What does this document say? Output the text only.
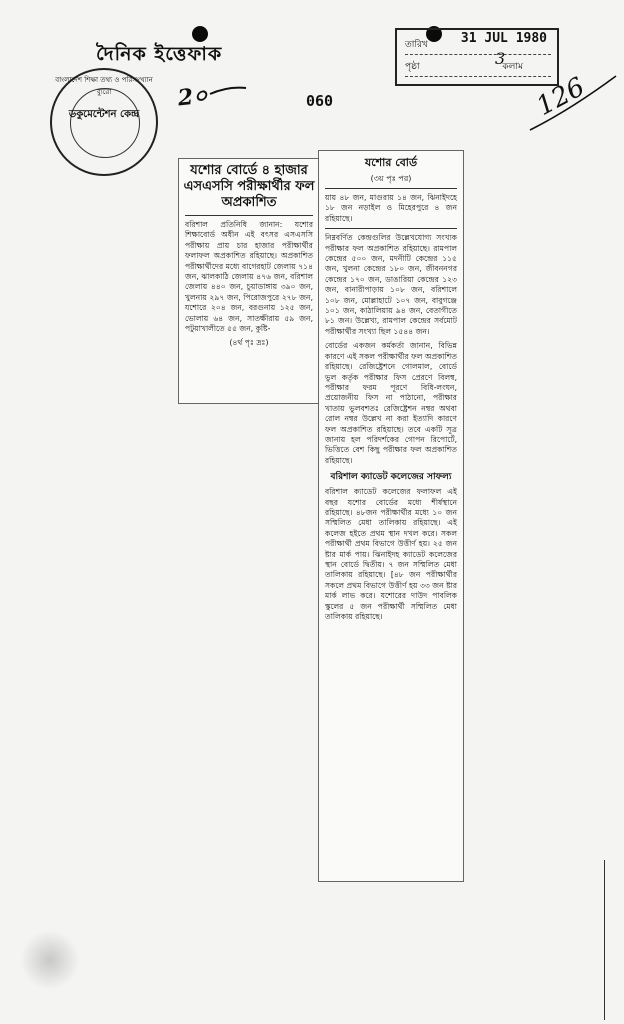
দৈনিক ইত্তেফাক
2০	060	126
তারিখ	31 JUL 1980
পৃষ্ঠা	3
কলাম
বাংলাদেশ শিক্ষা তথ্য ও পরিসংখ্যান ব্যুরো
ডকুমেন্টেশন কেন্দ্র
যশোর বোর্ডে ৪ হাজার এসএসসি পরীক্ষার্থীর ফল অপ্রকাশিত
বরিশাল প্রতিনিধি জানান: যশোর শিক্ষাবোর্ড অধীন এই বৎসর এসএসসি পরীক্ষায় প্রায় চার হাজার পরীক্ষার্থীর ফলাফল অপ্রকাশিত রহিয়াছে। অপ্রকাশিত পরীক্ষার্থীদের মধ্যে বাগেরহাট জেলায় ৭১৪ জন, ঝালকাঠি জেলায় ৪৭৬ জন, বরিশাল জেলায় ৪৪০ জন, চুয়াডাঙ্গায় ৩৯০ জন, খুলনায় ২৯৭ জন, পিরোজপুরে ২৭৮ জন, যশোরে ২০৪ জন, বরগুনায় ১২৫ জন, ভোলায় ৬৪ জন, সাতক্ষীরায় ৫৯ জন, পটুয়াখালীতে ৫৫ জন, কুষ্টি-
(৪র্থ পৃঃ দ্রঃ)
যশোর বোর্ড
(৩য় পৃঃ পর)
য়ায় ৪৮ জন, মাগুরায় ১৪ জন, ঝিনাইদহে ১৮ জন নড়াইল ও মিহেরপুরে ৪ জন রহিয়াছে।
নিম্নবর্ণিত কেন্দ্রগুলির উল্লেখযোগ্য সংখ্যক পরীক্ষার ফল অপ্রকাশিত রহিয়াছে। রামপাল কেন্দ্রের ৫০০ জন, মদনীটি কেন্দ্রের ১১৫ জন, খুলনা কেন্দ্রের ১৮০ জন, জীবননগর কেন্দ্রের ১৭০ জন, ডাঙারিয়া কেন্দ্রের ১২৩ জন, বানারীপাড়ায় ১০৮ জন, বরিশালে ১০৮ জন, মোল্লাহাটে ১০৭ জন, বাবুগঞ্জে ১০১ জন, কাঠালিয়ায় ৯৪ জন, বেতাগীতে ৮১ জন। উল্লেখ্য, রামপাল কেন্দ্রের সর্বমোট পরীক্ষার্থীর সংখ্যা ছিল ১৫৪৪ জন।
বোর্ডের একজন কর্মকর্তা জানান, বিভিন্ন কারণে এই সকল পরীক্ষার্থীর ফল অপ্রকাশিত রহিয়াছে। রেজিষ্ট্রেশনে গোলমাল, বোর্ডে ভুল কর্তৃক পরীক্ষার ফিস প্রেরণে বিলম্ব, পরীক্ষার ফরম পূরণে বিধি-লংঘন, প্রয়োজনীয় ফিস না পাঠানো, পরীক্ষার খাতায় ভুলবশতঃ রেজিষ্ট্রেশন নম্বর অথবা রোল নম্বর উল্লেখ না করা ইত্যাদি কারণে ফল অপ্রকাশিত রহিয়াছে। তবে একটি সূত্র জানায় হল পরিদর্শকের গোপন রিপোর্টে, ভিত্তিতে বেশ কিছু পরীক্ষার ফল অপ্রকাশিত রহিয়াছে।
বরিশাল ক্যাডেট কলেজের সাফল্য
বরিশাল ক্যাডেট কলেজের ফলাফল এই বছর যশোর বোর্ডের মধ্যে শীর্ষস্থানে রহিয়াছে। ৪৮জন পরীক্ষার্থীর মধ্যে ১০ জন সম্মিলিত মেধা তালিকায় রহিয়াছে। এই কলেজ হইতে প্রথম স্থান দখল করে। সকল পরীক্ষার্থী প্রথম বিভাগে উত্তীর্ণ হয়। ২৫ জন ষ্টার মার্ক পায়। ঝিনাইদহ ক্যাডেট কলেজের স্থান বোর্ডে দ্বিতীয়। ৭ জন সম্মিলিত মেধা তালিকায় রহিয়াছে। [৪৮ জন পরীক্ষার্থীর সকলে প্রথম বিভাগে উত্তীর্ণ হয় ৩৩ জন ষ্টার মার্ক লাভ করে। যশোরের দাউদ পাবলিক স্কুলের ৫ জন পরীক্ষার্থী সম্মিলিত মেধা তালিকায় রহিয়াছে।
